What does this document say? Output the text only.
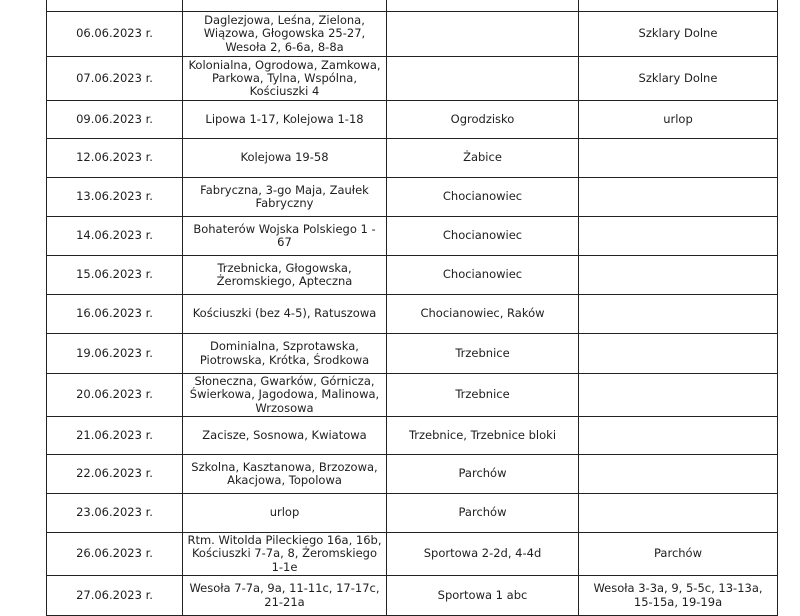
06.06.2023 r.	Daglezjowa, Leśna, Zielona, Wiązowa, Głogowska 25-27, Wesoła 2, 6-6a, 8-8a		Szklary Dolne
07.06.2023 r.	Kolonialna, Ogrodowa, Zamkowa, Parkowa, Tylna, Wspólna, Kościuszki 4		Szklary Dolne
09.06.2023 r.	Lipowa 1-17, Kolejowa 1-18	Ogrodzisko	urlop
12.06.2023 r.	Kolejowa 19-58	Żabice	
13.06.2023 r.	Fabryczna, 3-go Maja, Zaułek Fabryczny	Chocianowiec	
14.06.2023 r.	Bohaterów Wojska Polskiego 1 - 67	Chocianowiec	
15.06.2023 r.	Trzebnicka, Głogowska, Żeromskiego, Apteczna	Chocianowiec	
16.06.2023 r.	Kościuszki (bez 4-5), Ratuszowa	Chocianowiec, Raków	
19.06.2023 r.	Dominialna, Szprotawska, Piotrowska, Krótka, Środkowa	Trzebnice	
20.06.2023 r.	Słoneczna, Gwarków, Górnicza, Świerkowa, Jagodowa, Malinowa, Wrzosowa	Trzebnice	
21.06.2023 r.	Zacisze, Sosnowa, Kwiatowa	Trzebnice, Trzebnice bloki	
22.06.2023 r.	Szkolna, Kasztanowa, Brzozowa, Akacjowa, Topolowa	Parchów	
23.06.2023 r.	urlop	Parchów	
26.06.2023 r.	Rtm. Witolda Pileckiego 16a, 16b, Kościuszki 7-7a, 8, Żeromskiego 1-1e	Sportowa 2-2d, 4-4d	Parchów
27.06.2023 r.	Wesoła 7-7a, 9a, 11-11c, 17-17c, 21-21a	Sportowa 1 abc	Wesoła 3-3a, 9, 5-5c, 13-13a, 15-15a, 19-19a
